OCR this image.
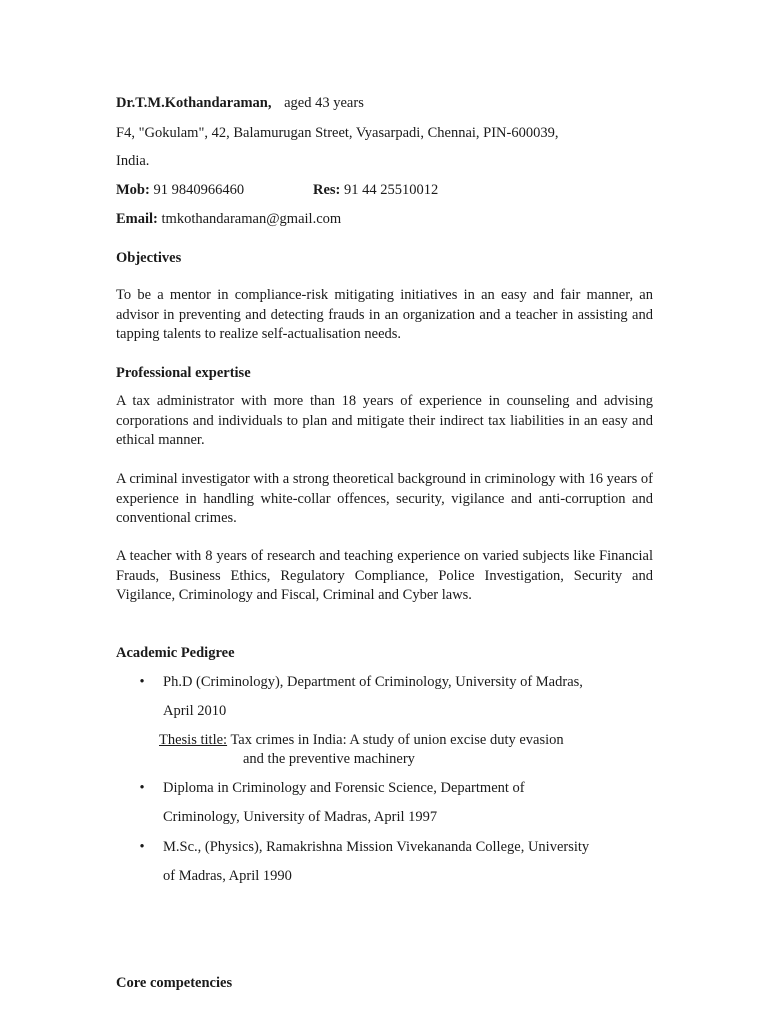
Dr.T.M.Kothandaraman, aged 43 years
F4, "Gokulam", 42, Balamurugan Street, Vyasarpadi, Chennai, PIN-600039,
India.
Mob: 91 9840966460	Res: 91 44 25510012
Email: tmkothandaraman@gmail.com
Objectives
To be a mentor in compliance-risk mitigating initiatives in an easy and fair manner, an advisor in preventing and detecting frauds in an organization and a teacher in assisting and tapping talents to realize self-actualisation needs.
Professional expertise
A tax administrator with more than 18 years of experience in counseling and advising corporations and individuals to plan and mitigate their indirect tax liabilities in an easy and ethical manner.
A criminal investigator with a strong theoretical background in criminology with 16 years of experience in handling white-collar offences, security, vigilance and anti-corruption and conventional crimes.
A teacher with 8 years of research and teaching experience on varied subjects like Financial Frauds, Business Ethics, Regulatory Compliance, Police Investigation, Security and Vigilance, Criminology and Fiscal, Criminal and Cyber laws.
Academic Pedigree
• Ph.D (Criminology), Department of Criminology, University of Madras,
April 2010
Thesis title: Tax crimes in India: A study of union excise duty evasion
and the preventive machinery
• Diploma in Criminology and Forensic Science, Department of
Criminology, University of Madras, April 1997
• M.Sc., (Physics), Ramakrishna Mission Vivekananda College, University
of Madras, April 1990
Core competencies
